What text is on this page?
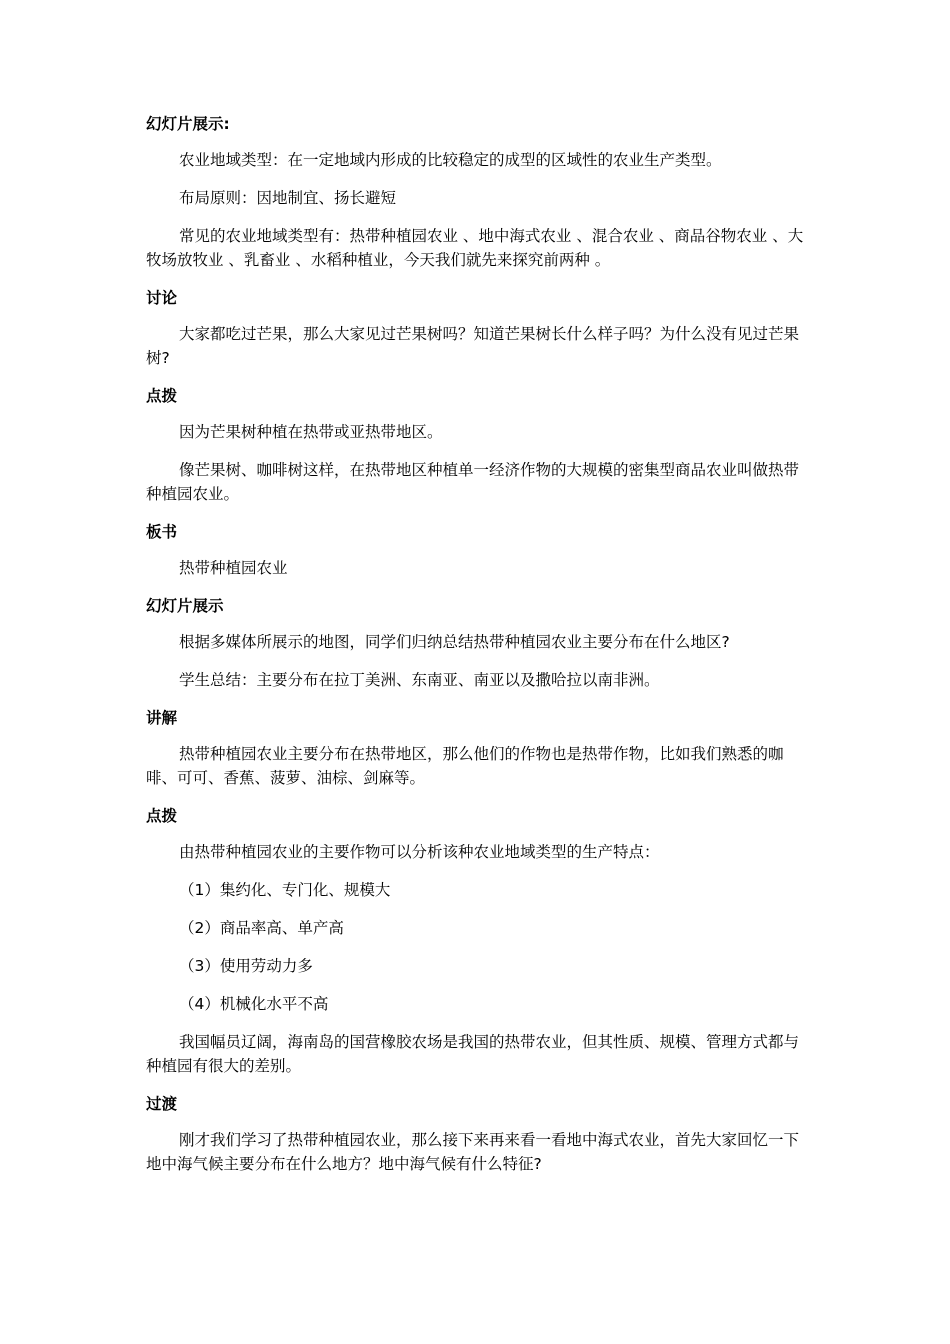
幻灯片展示:
农业地域类型：在一定地域内形成的比较稳定的成型的区域性的农业生产类型。
布局原则：因地制宜、扬长避短
常见的农业地域类型有：热带种植园农业 、地中海式农业 、混合农业 、商品谷物农业 、大牧场放牧业 、乳畜业 、水稻种植业，今天我们就先来探究前两种 。
讨论
大家都吃过芒果，那么大家见过芒果树吗？知道芒果树长什么样子吗？为什么没有见过芒果树?
点拨
因为芒果树种植在热带或亚热带地区。
像芒果树、咖啡树这样，在热带地区种植单一经济作物的大规模的密集型商品农业叫做热带种植园农业。
板书
热带种植园农业
幻灯片展示
根据多媒体所展示的地图，同学们归纳总结热带种植园农业主要分布在什么地区?
学生总结：主要分布在拉丁美洲、东南亚、南亚以及撒哈拉以南非洲。
讲解
热带种植园农业主要分布在热带地区，那么他们的作物也是热带作物，比如我们熟悉的咖啡、可可、香蕉、菠萝、油棕、剑麻等。
点拨
由热带种植园农业的主要作物可以分析该种农业地域类型的生产特点：
（1）集约化、专门化、规模大
（2）商品率高、单产高
（3）使用劳动力多
（4）机械化水平不高
我国幅员辽阔，海南岛的国营橡胶农场是我国的热带农业，但其性质、规模、管理方式都与种植园有很大的差别。
过渡
刚才我们学习了热带种植园农业，那么接下来再来看一看地中海式农业，首先大家回忆一下地中海气候主要分布在什么地方？地中海气候有什么特征?
